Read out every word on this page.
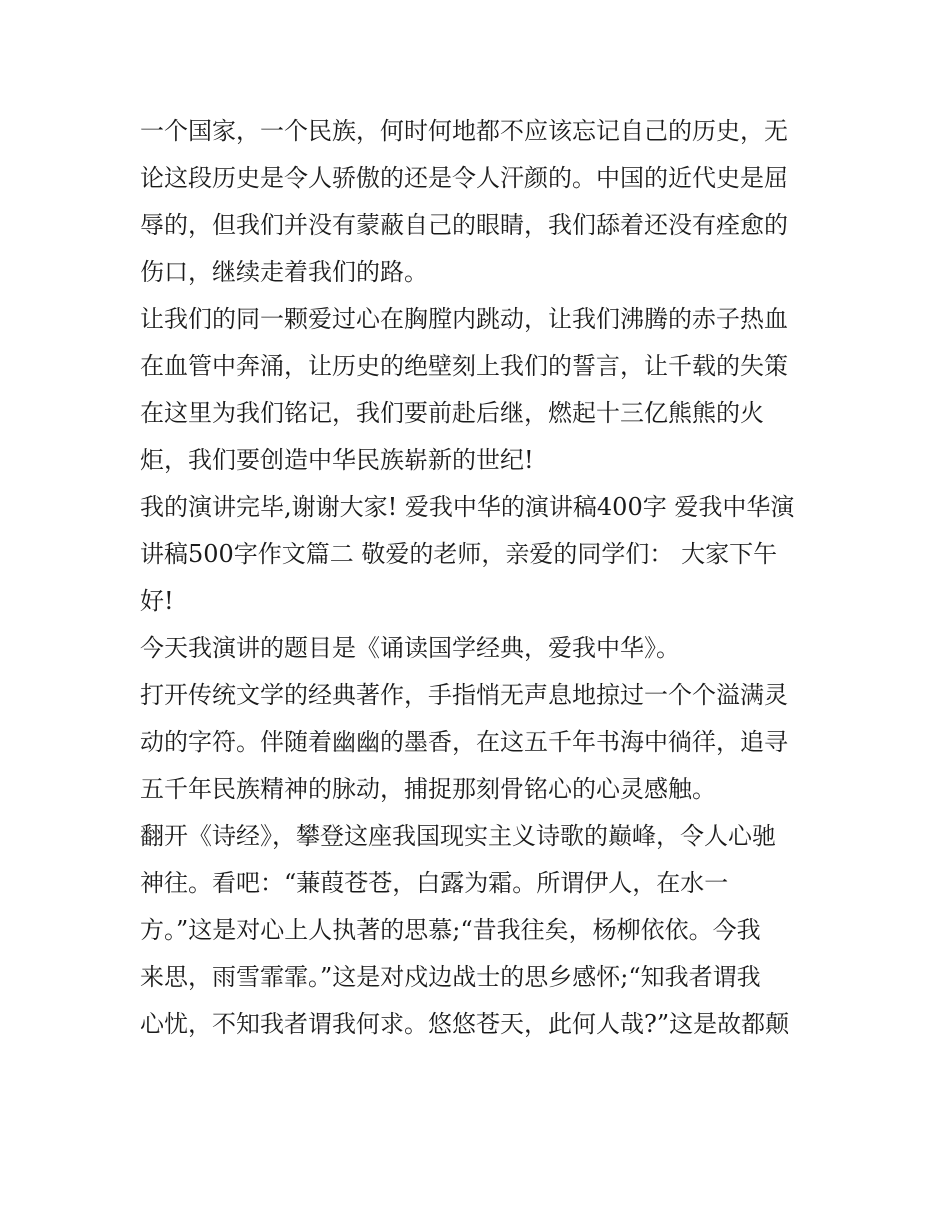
一个国家，一个民族，何时何地都不应该忘记自己的历史，无
论这段历史是令人骄傲的还是令人汗颜的。中国的近代史是屈
辱的，但我们并没有蒙蔽自己的眼睛，我们舔着还没有痊愈的
伤口，继续走着我们的路。
让我们的同一颗爱过心在胸膛内跳动，让我们沸腾的赤子热血
在血管中奔涌，让历史的绝壁刻上我们的誓言，让千载的失策
在这里为我们铭记，我们要前赴后继，燃起十三亿熊熊的火
炬，我们要创造中华民族崭新的世纪!
我的演讲完毕,谢谢大家! 爱我中华的演讲稿400字 爱我中华演
讲稿500字作文篇二 敬爱的老师，亲爱的同学们： 大家下午
好!
今天我演讲的题目是《诵读国学经典，爱我中华》。
打开传统文学的经典著作，手指悄无声息地掠过一个个溢满灵
动的字符。伴随着幽幽的墨香，在这五千年书海中徜徉，追寻
五千年民族精神的脉动，捕捉那刻骨铭心的心灵感触。
翻开《诗经》，攀登这座我国现实主义诗歌的巅峰，令人心驰
神往。看吧：“蒹葭苍苍，白露为霜。所谓伊人，在水一
方。”这是对心上人执著的思慕;“昔我往矣，杨柳依依。今我
来思，雨雪霏霏。”这是对戍边战士的思乡感怀;“知我者谓我
心忧，不知我者谓我何求。悠悠苍天，此何人哉?”这是故都颠
